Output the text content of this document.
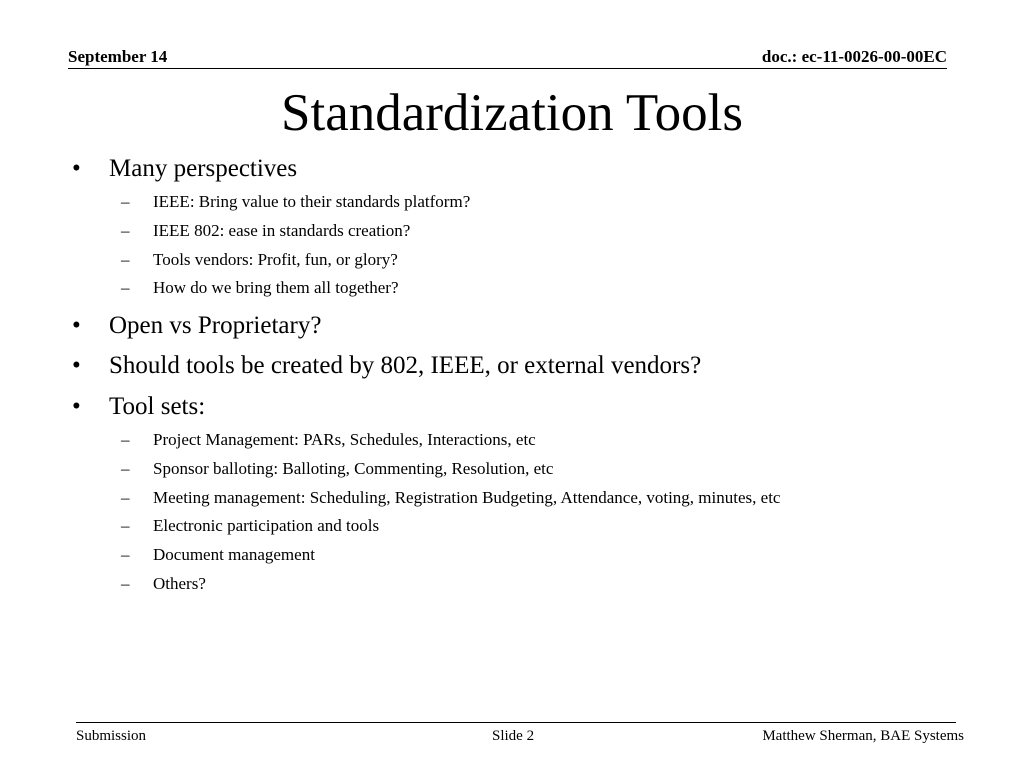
September 14	doc.: ec-11-0026-00-00EC
Standardization Tools
•	Many perspectives
– IEEE: Bring value to their standards platform?
– IEEE 802: ease in standards creation?
– Tools vendors: Profit, fun, or glory?
– How do we bring them all together?
•	Open vs Proprietary?
•	Should tools be created by 802, IEEE, or external vendors?
•	Tool sets:
– Project Management: PARs, Schedules, Interactions, etc
– Sponsor balloting: Balloting, Commenting, Resolution, etc
– Meeting management: Scheduling, Registration Budgeting, Attendance, voting, minutes, etc
– Electronic participation and tools
– Document management
– Others?
Submission	Slide 2	Matthew Sherman, BAE Systems
